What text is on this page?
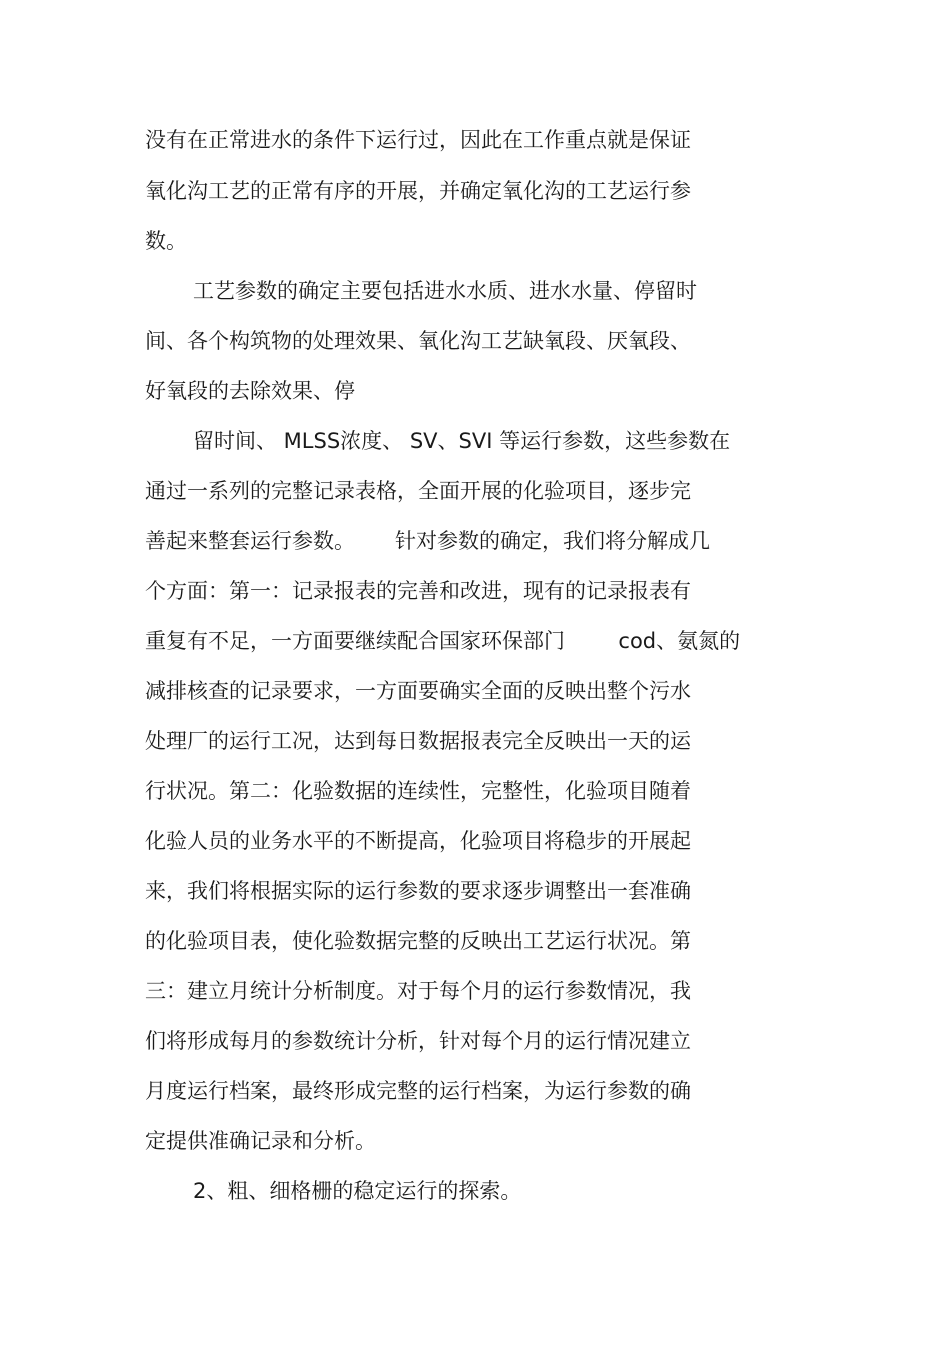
没有在正常进水的条件下运行过，因此在工作重点就是保证
氧化沟工艺的正常有序的开展，并确定氧化沟的工艺运行参
数。
工艺参数的确定主要包括进水水质、进水水量、停留时
间、各个构筑物的处理效果、氧化沟工艺缺氧段、厌氧段、
好氧段的去除效果、停
留时间、 MLSS浓度、 SV、SVI 等运行参数，这些参数在
通过一系列的完整记录表格，全面开展的化验项目，逐步完
善起来整套运行参数。      针对参数的确定，我们将分解成几
个方面：第一：记录报表的完善和改进，现有的记录报表有
重复有不足，一方面要继续配合国家环保部门        cod、氨氮的
减排核查的记录要求，一方面要确实全面的反映出整个污水
处理厂的运行工况，达到每日数据报表完全反映出一天的运
行状况。第二：化验数据的连续性，完整性，化验项目随着
化验人员的业务水平的不断提高，化验项目将稳步的开展起
来，我们将根据实际的运行参数的要求逐步调整出一套准确
的化验项目表，使化验数据完整的反映出工艺运行状况。第
三：建立月统计分析制度。对于每个月的运行参数情况，我
们将形成每月的参数统计分析，针对每个月的运行情况建立
月度运行档案，最终形成完整的运行档案，为运行参数的确
定提供准确记录和分析。
2、粗、细格栅的稳定运行的探索。
